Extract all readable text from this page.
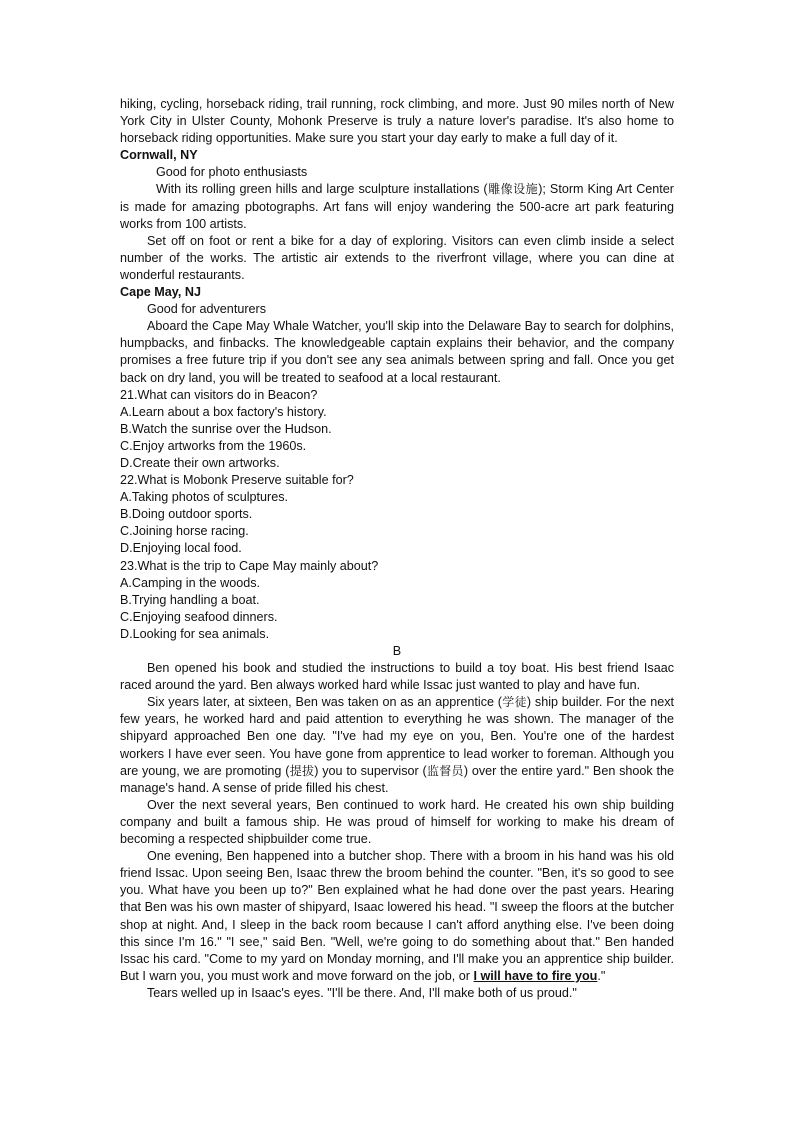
hiking, cycling, horseback riding, trail running, rock climbing, and more. Just 90 miles north of New York City in Ulster County, Mohonk Preserve is truly a nature lover's paradise. It's also home to horseback riding opportunities. Make sure you start your day early to make a full day of it.

Cornwall, NY

Good for photo enthusiasts

With its rolling green hills and large sculpture installations (雕像设施); Storm King Art Center is made for amazing pbotographs. Art fans will enjoy wandering the 500-acre art park featuring works from 100 artists.

Set off on foot or rent a bike for a day of exploring. Visitors can even climb inside a select number of the works. The artistic air extends to the riverfront village, where you can dine at wonderful restaurants.

Cape May, NJ

Good for adventurers

Aboard the Cape May Whale Watcher, you'll skip into the Delaware Bay to search for dolphins, humpbacks, and finbacks. The knowledgeable captain explains their behavior, and the company promises a free future trip if you don't see any sea animals between spring and fall. Once you get back on dry land, you will be treated to seafood at a local restaurant.

21.What can visitors do in Beacon?

A.Learn about a box factory's history.

B.Watch the sunrise over the Hudson.

C.Enjoy artworks from the 1960s.

D.Create their own artworks.

22.What is Mobonk Preserve suitable for?

A.Taking photos of sculptures.

B.Doing outdoor sports.

C.Joining horse racing.

D.Enjoying local food.

23.What is the trip to Cape May mainly about?

A.Camping in the woods.

B.Trying handling a boat.

C.Enjoying seafood dinners.

D.Looking for sea animals.

B

Ben opened his book and studied the instructions to build a toy boat. His best friend Isaac raced around the yard. Ben always worked hard while Issac just wanted to play and have fun.

Six years later, at sixteen, Ben was taken on as an apprentice (学徒) ship builder. For the next few years, he worked hard and paid attention to everything he was shown. The manager of the shipyard approached Ben one day. "I've had my eye on you, Ben. You're one of the hardest workers I have ever seen. You have gone from apprentice to lead worker to foreman. Although you are young, we are promoting (提拔) you to supervisor (监督员) over the entire yard." Ben shook the manage's hand. A sense of pride filled his chest.

Over the next several years, Ben continued to work hard. He created his own ship building company and built a famous ship. He was proud of himself for working to make his dream of becoming a respected shipbuilder come true.

One evening, Ben happened into a butcher shop. There with a broom in his hand was his old friend Issac. Upon seeing Ben, Isaac threw the broom behind the counter. "Ben, it's so good to see you. What have you been up to?" Ben explained what he had done over the past years. Hearing that Ben was his own master of shipyard, Isaac lowered his head. "I sweep the floors at the butcher shop at night. And, I sleep in the back room because I can't afford anything else. I've been doing this since I'm 16." "I see," said Ben. "Well, we're going to do something about that." Ben handed Issac his card. "Come to my yard on Monday morning, and I'll make you an apprentice ship builder. But I warn you, you must work and move forward on the job, or I will have to fire you."

Tears welled up in Isaac's eyes. "I'll be there. And, I'll make both of us proud."
